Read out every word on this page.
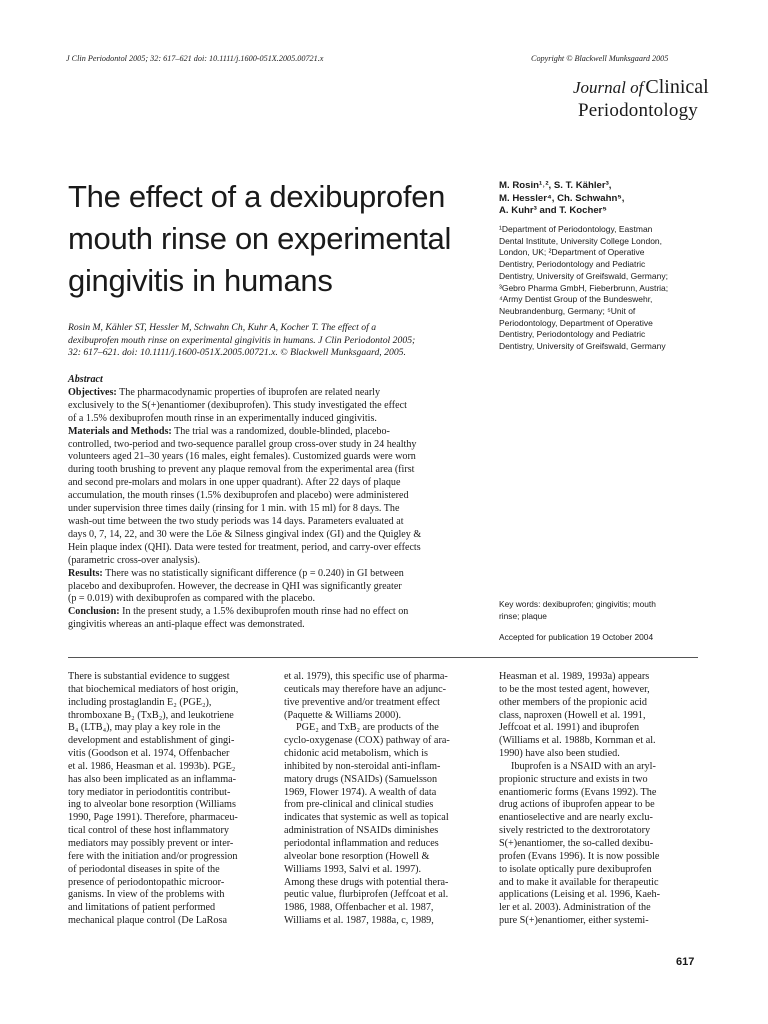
J Clin Periodontol 2005; 32: 617–621 doi: 10.1111/j.1600-051X.2005.00721.x	Copyright © Blackwell Munksgaard 2005
Journal of Clinical
Periodontology
The effect of a dexibuprofen
mouth rinse on experimental
gingivitis in humans
M. Rosin¹˒², S. T. Kähler³,
M. Hessler⁴, Ch. Schwahn⁵,
A. Kuhr³ and T. Kocher⁵
¹Department of Periodontology, Eastman
Dental Institute, University College London,
London, UK; ²Department of Operative
Dentistry, Periodontology and Pediatric
Dentistry, University of Greifswald, Germany;
³Gebro Pharma GmbH, Fieberbrunn, Austria;
⁴Army Dentist Group of the Bundeswehr,
Neubrandenburg, Germany; ⁵Unit of
Periodontology, Department of Operative
Dentistry, Periodontology and Pediatric
Dentistry, University of Greifswald, Germany
Rosin M, Kähler ST, Hessler M, Schwahn Ch, Kuhr A, Kocher T. The effect of a
dexibuprofen mouth rinse on experimental gingivitis in humans. J Clin Periodontol 2005;
32: 617–621. doi: 10.1111/j.1600-051X.2005.00721.x. © Blackwell Munksgaard, 2005.
Abstract
Objectives: The pharmacodynamic properties of ibuprofen are related nearly
exclusively to the S(+)enantiomer (dexibuprofen). This study investigated the effect
of a 1.5% dexibuprofen mouth rinse in an experimentally induced gingivitis.
Materials and Methods: The trial was a randomized, double-blinded, placebo-
controlled, two-period and two-sequence parallel group cross-over study in 24 healthy
volunteers aged 21–30 years (16 males, eight females). Customized guards were worn
during tooth brushing to prevent any plaque removal from the experimental area (first
and second pre-molars and molars in one upper quadrant). After 22 days of plaque
accumulation, the mouth rinses (1.5% dexibuprofen and placebo) were administered
under supervision three times daily (rinsing for 1 min. with 15 ml) for 8 days. The
wash-out time between the two study periods was 14 days. Parameters evaluated at
days 0, 7, 14, 22, and 30 were the Löe & Silness gingival index (GI) and the Quigley &
Hein plaque index (QHI). Data were tested for treatment, period, and carry-over effects
(parametric cross-over analysis).
Results: There was no statistically significant difference (p = 0.240) in GI between
placebo and dexibuprofen. However, the decrease in QHI was significantly greater
(p = 0.019) with dexibuprofen as compared with the placebo.
Conclusion: In the present study, a 1.5% dexibuprofen mouth rinse had no effect on
gingivitis whereas an anti-plaque effect was demonstrated.
Key words: dexibuprofen; gingivitis; mouth
rinse; plaque
Accepted for publication 19 October 2004
There is substantial evidence to suggest
that biochemical mediators of host origin,
including prostaglandin E₂ (PGE₂),
thromboxane B₂ (TxB₂), and leukotriene
B₄ (LTB₄), may play a key role in the
development and establishment of gingi-
vitis (Goodson et al. 1974, Offenbacher
et al. 1986, Heasman et al. 1993b). PGE₂
has also been implicated as an inflamma-
tory mediator in periodontitis contribut-
ing to alveolar bone resorption (Williams
1990, Page 1991). Therefore, pharmaceu-
tical control of these host inflammatory
mediators may possibly prevent or inter-
fere with the initiation and/or progression
of periodontal diseases in spite of the
presence of periodontopathic microor-
ganisms. In view of the problems with
and limitations of patient performed
mechanical plaque control (De LaRosa
et al. 1979), this specific use of pharma-
ceuticals may therefore have an adjunc-
tive preventive and/or treatment effect
(Paquette & Williams 2000).
PGE₂ and TxB₂ are products of the
cyclo-oxygenase (COX) pathway of ara-
chidonic acid metabolism, which is
inhibited by non-steroidal anti-inflam-
matory drugs (NSAIDs) (Samuelsson
1969, Flower 1974). A wealth of data
from pre-clinical and clinical studies
indicates that systemic as well as topical
administration of NSAIDs diminishes
periodontal inflammation and reduces
alveolar bone resorption (Howell &
Williams 1993, Salvi et al. 1997).
Among these drugs with potential thera-
peutic value, flurbiprofen (Jeffcoat et al.
1986, 1988, Offenbacher et al. 1987,
Williams et al. 1987, 1988a, c, 1989,
Heasman et al. 1989, 1993a) appears
to be the most tested agent, however,
other members of the propionic acid
class, naproxen (Howell et al. 1991,
Jeffcoat et al. 1991) and ibuprofen
(Williams et al. 1988b, Kornman et al.
1990) have also been studied.
Ibuprofen is a NSAID with an aryl-
propionic structure and exists in two
enantiomeric forms (Evans 1992). The
drug actions of ibuprofen appear to be
enantioselective and are nearly exclu-
sively restricted to the dextrorotatory
S(+)enantiomer, the so-called dexibu-
profen (Evans 1996). It is now possible
to isolate optically pure dexibuprofen
and to make it available for therapeutic
applications (Leising et al. 1996, Kaeh-
ler et al. 2003). Administration of the
pure S(+)enantiomer, either systemi-
617
